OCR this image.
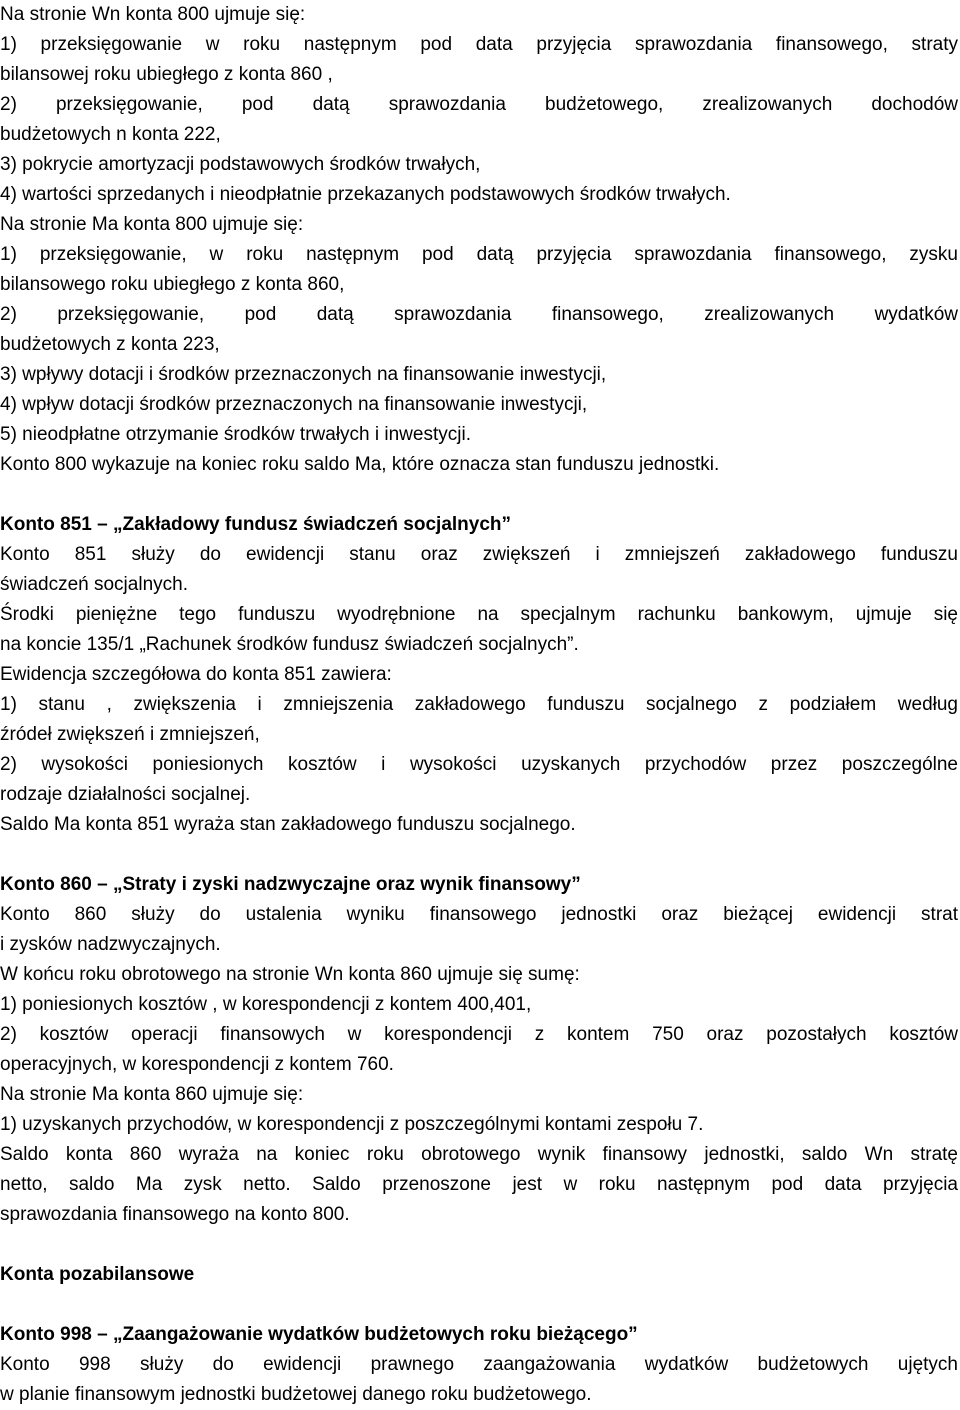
Na stronie Wn konta 800 ujmuje się:
1) przeksięgowanie w roku następnym pod data przyjęcia sprawozdania finansowego, straty
bilansowej roku ubiegłego z konta 860 ,
2) przeksięgowanie, pod datą sprawozdania budżetowego, zrealizowanych dochodów
budżetowych n konta 222,
3) pokrycie amortyzacji podstawowych środków trwałych,
4) wartości sprzedanych i nieodpłatnie przekazanych podstawowych środków trwałych.
Na stronie Ma konta 800 ujmuje się:
1) przeksięgowanie, w roku następnym pod datą przyjęcia sprawozdania finansowego, zysku
bilansowego roku ubiegłego z konta 860,
2) przeksięgowanie, pod datą sprawozdania finansowego, zrealizowanych wydatków
budżetowych z konta 223,
3) wpływy dotacji i środków przeznaczonych na finansowanie inwestycji,
4) wpływ dotacji środków przeznaczonych na finansowanie inwestycji,
5) nieodpłatne otrzymanie środków trwałych i inwestycji.
Konto 800 wykazuje na koniec roku saldo Ma, które oznacza stan funduszu jednostki.
Konto 851 – „Zakładowy fundusz świadczeń socjalnych”
Konto 851 służy do ewidencji stanu oraz zwiększeń i zmniejszeń zakładowego funduszu
świadczeń socjalnych.
Środki pieniężne tego funduszu wyodrębnione na specjalnym rachunku bankowym, ujmuje się
na koncie 135/1 „Rachunek środków fundusz świadczeń socjalnych”.
Ewidencja szczegółowa do konta 851 zawiera:
1) stanu , zwiększenia i zmniejszenia zakładowego funduszu socjalnego z podziałem według
źródeł zwiększeń i zmniejszeń,
2) wysokości poniesionych kosztów i wysokości uzyskanych przychodów przez poszczególne
rodzaje działalności socjalnej.
Saldo Ma konta 851 wyraża stan zakładowego funduszu socjalnego.
Konto 860 – „Straty i zyski nadzwyczajne oraz wynik finansowy”
Konto 860 służy do ustalenia wyniku finansowego jednostki oraz bieżącej ewidencji strat
i zysków nadzwyczajnych.
W końcu roku obrotowego na stronie Wn konta 860 ujmuje się sumę:
1) poniesionych kosztów , w korespondencji z kontem 400,401,
2) kosztów operacji finansowych w korespondencji z kontem 750 oraz pozostałych kosztów
operacyjnych, w korespondencji z kontem 760.
Na stronie Ma konta 860 ujmuje się:
1) uzyskanych przychodów, w korespondencji z poszczególnymi kontami zespołu 7.
Saldo konta 860 wyraża na koniec roku obrotowego wynik finansowy jednostki, saldo Wn stratę
netto, saldo Ma zysk netto. Saldo przenoszone jest w roku następnym pod data przyjęcia
sprawozdania finansowego na konto 800.
Konta pozabilansowe
Konto 998 – „Zaangażowanie wydatków budżetowych roku bieżącego”
Konto 998 służy do ewidencji prawnego zaangażowania wydatków budżetowych ujętych
w planie finansowym jednostki budżetowej danego roku budżetowego.
